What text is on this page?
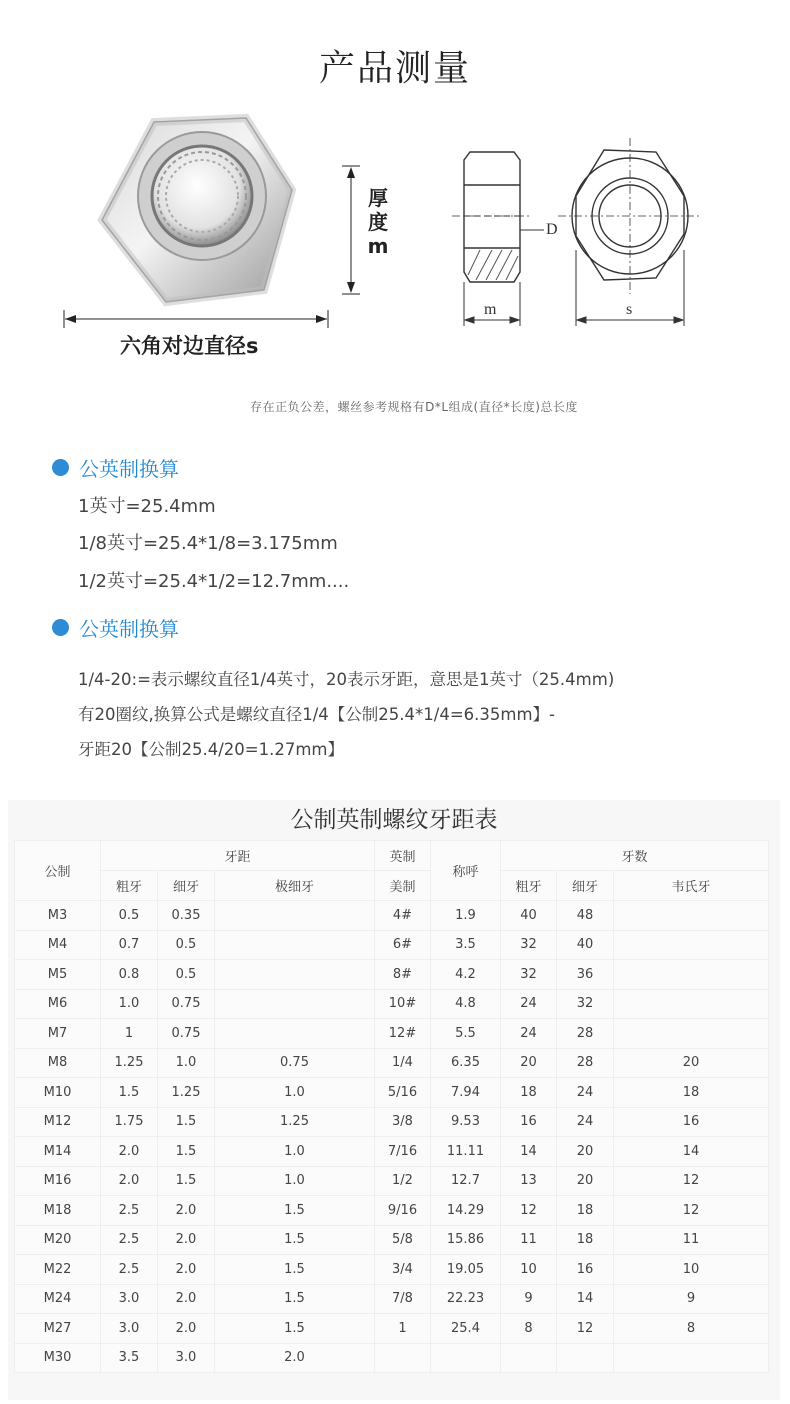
产品测量
厚
度
m
六角对边直径s
D
m	s
存在正负公差，螺丝参考规格有D*L组成(直径*长度)总长度
公英制换算
1英寸=25.4mm
1/8英寸=25.4*1/8=3.175mm
1/2英寸=25.4*1/2=12.7mm....
公英制换算
1/4-20:=表示螺纹直径1/4英寸，20表示牙距，意思是1英寸（25.4mm)
有20圈纹,换算公式是螺纹直径1/4【公制25.4*1/4=6.35mm】-
牙距20【公制25.4/20=1.27mm】
公制英制螺纹牙距表
公制	牙距			英制	称呼	牙数		
	粗牙	细牙	极细牙	美制		粗牙	细牙	韦氏牙
M3	0.5	0.35		4#	1.9	40	48	
M4	0.7	0.5		6#	3.5	32	40	
M5	0.8	0.5		8#	4.2	32	36	
M6	1.0	0.75		10#	4.8	24	32	
M7	1	0.75		12#	5.5	24	28	
M8	1.25	1.0	0.75	1/4	6.35	20	28	20
M10	1.5	1.25	1.0	5/16	7.94	18	24	18
M12	1.75	1.5	1.25	3/8	9.53	16	24	16
M14	2.0	1.5	1.0	7/16	11.11	14	20	14
M16	2.0	1.5	1.0	1/2	12.7	13	20	12
M18	2.5	2.0	1.5	9/16	14.29	12	18	12
M20	2.5	2.0	1.5	5/8	15.86	11	18	11
M22	2.5	2.0	1.5	3/4	19.05	10	16	10
M24	3.0	2.0	1.5	7/8	22.23	9	14	9
M27	3.0	2.0	1.5	1	25.4	8	12	8
M30	3.5	3.0	2.0					
